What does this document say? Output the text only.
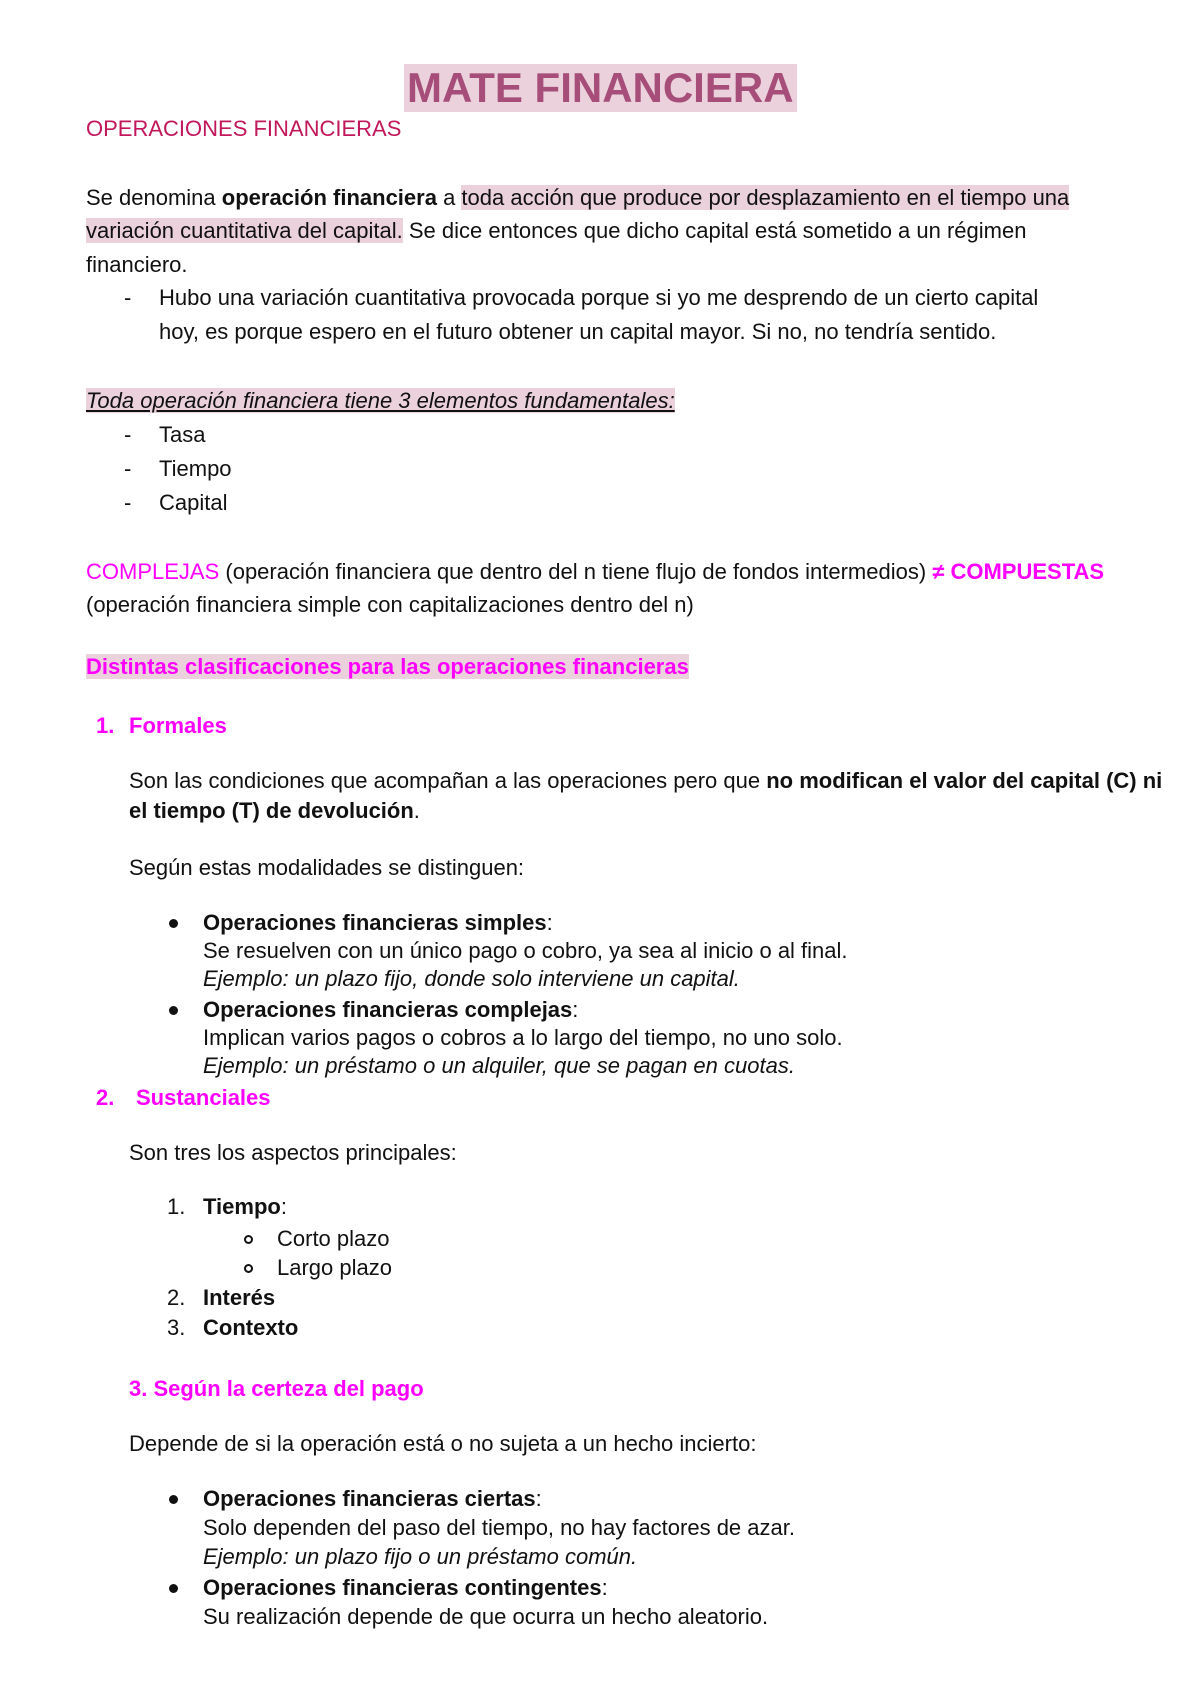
MATE FINANCIERA
OPERACIONES FINANCIERAS
Se denomina operación financiera a toda acción que produce por desplazamiento en el tiempo una
variación cuantitativa del capital. Se dice entonces que dicho capital está sometido a un régimen
financiero.
- Hubo una variación cuantitativa provocada porque si yo me desprendo de un cierto capital
hoy, es porque espero en el futuro obtener un capital mayor. Si no, no tendría sentido.
Toda operación financiera tiene 3 elementos fundamentales:
- Tasa
- Tiempo
- Capital
COMPLEJAS (operación financiera que dentro del n tiene flujo de fondos intermedios) ≠ COMPUESTAS
(operación financiera simple con capitalizaciones dentro del n)
Distintas clasificaciones para las operaciones financieras
1. Formales
Son las condiciones que acompañan a las operaciones pero que no modifican el valor del capital (C) ni
el tiempo (T) de devolución.
Según estas modalidades se distinguen:
Operaciones financieras simples:
Se resuelven con un único pago o cobro, ya sea al inicio o al final.
Ejemplo: un plazo fijo, donde solo interviene un capital.
Operaciones financieras complejas:
Implican varios pagos o cobros a lo largo del tiempo, no uno solo.
Ejemplo: un préstamo o un alquiler, que se pagan en cuotas.
2. Sustanciales
Son tres los aspectos principales:
1. Tiempo:
Corto plazo
Largo plazo
2. Interés
3. Contexto
3. Según la certeza del pago
Depende de si la operación está o no sujeta a un hecho incierto:
Operaciones financieras ciertas:
Solo dependen del paso del tiempo, no hay factores de azar.
Ejemplo: un plazo fijo o un préstamo común.
Operaciones financieras contingentes:
Su realización depende de que ocurra un hecho aleatorio.
